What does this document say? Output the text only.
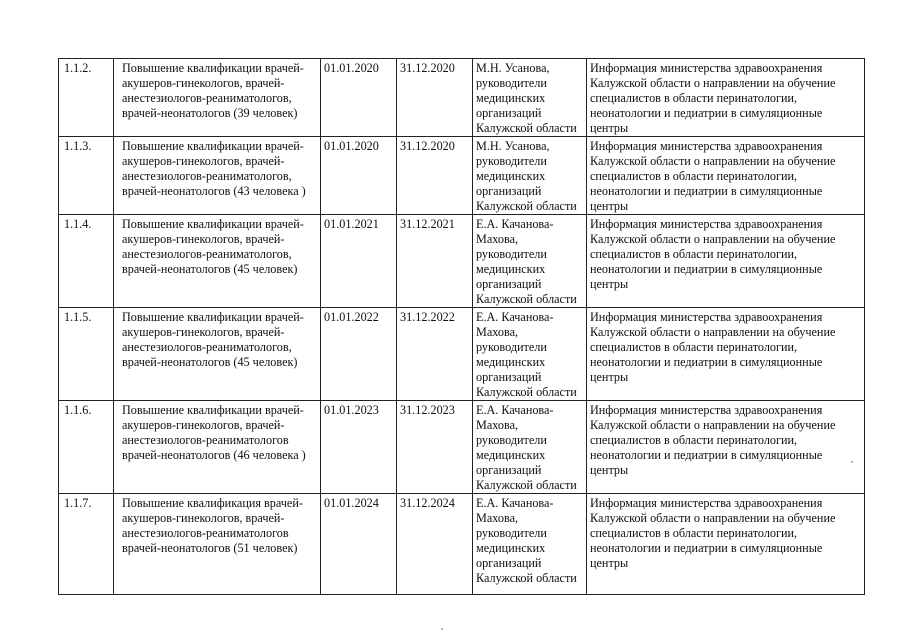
1.1.2.	Повышение квалификации врачей-акушеров-гинекологов, врачей-анестезиологов-реаниматологов, врачей-неонатологов (39 человек)	01.01.2020	31.12.2020	М.Н. Усанова, руководители медицинских организаций Калужской области	Информация министерства здравоохранения Калужской области о направлении на обучение специалистов в области перинатологии, неонатологии и педиатрии в симуляционные центры
1.1.3.	Повышение квалификации врачей-акушеров-гинекологов, врачей-анестезиологов-реаниматологов, врачей-неонатологов (43 человека )	01.01.2020	31.12.2020	М.Н. Усанова, руководители медицинских организаций Калужской области	Информация министерства здравоохранения Калужской области о направлении на обучение специалистов в области перинатологии, неонатологии и педиатрии в симуляционные центры
1.1.4.	Повышение квалификации врачей-акушеров-гинекологов, врачей-анестезиологов-реаниматологов, врачей-неонатологов (45 человек)	01.01.2021	31.12.2021	Е.А. Качанова-Махова, руководители медицинских организаций Калужской области	Информация министерства здравоохранения Калужской области о направлении на обучение специалистов в области перинатологии, неонатологии и педиатрии в симуляционные центры
1.1.5.	Повышение квалификации врачей-акушеров-гинекологов, врачей-анестезиологов-реаниматологов, врачей-неонатологов (45 человек)	01.01.2022	31.12.2022	Е.А. Качанова-Махова, руководители медицинских организаций Калужской области	Информация министерства здравоохранения Калужской области о направлении на обучение специалистов в области перинатологии, неонатологии и педиатрии в симуляционные центры
1.1.6.	Повышение квалификации врачей-акушеров-гинекологов, врачей-анестезиологов-реаниматологов врачей-неонатологов (46 человека )	01.01.2023	31.12.2023	Е.А. Качанова-Махова, руководители медицинских организаций Калужской области	Информация министерства здравоохранения Калужской области о направлении на обучение специалистов в области перинатологии, неонатологии и педиатрии в симуляционные центры
1.1.7.	Повышение квалификация врачей-акушеров-гинекологов, врачей-анестезиологов-реаниматологов врачей-неонатологов (51 человек)	01.01.2024	31.12.2024	Е.А. Качанова-Махова, руководители медицинских организаций Калужской области	Информация министерства здравоохранения Калужской области о направлении на обучение специалистов в области перинатологии, неонатологии и педиатрии в симуляционные центры
